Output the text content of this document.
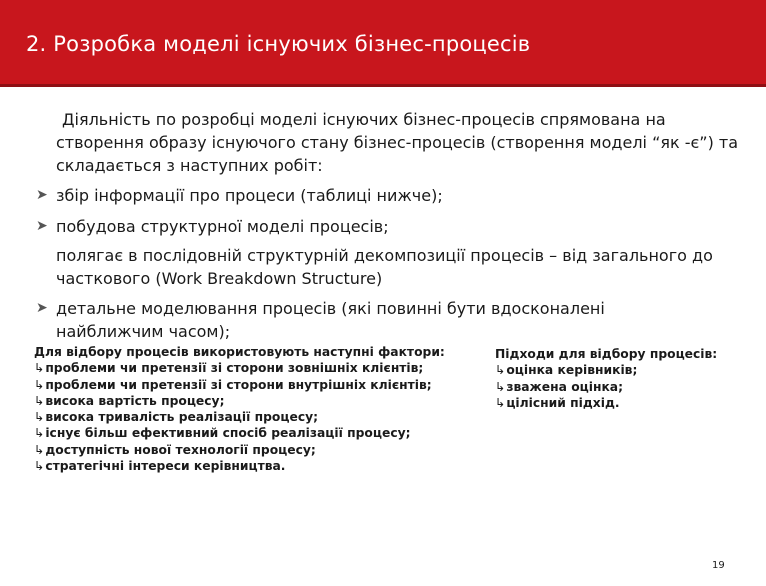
2. Розробка моделі існуючих бізнес-процесів
Діяльність по розробці моделі існуючих бізнес-процесів спрямована на створення образу існуючого стану бізнес-процесів (створення моделі “як -є”) та складається з наступних робіт:
➤ збір інформації про процеси (таблиці нижче);
➤ побудова структурної моделі процесів;
полягає в послідовній структурній декомпозиції процесів – від загального до часткового (Work Breakdown Structure)
➤ детальне моделювання процесів (які повинні бути вдосконалені найближчим часом);
Для відбору процесів використовують наступні фактори:
↳ проблеми чи претензії зі сторони зовнішніх клієнтів;
↳ проблеми чи претензії зі сторони внутрішніх клієнтів;
↳ висока вартість процесу;
↳ висока тривалість реалізації процесу;
↳ існує більш ефективний спосіб реалізації процесу;
↳ доступність нової технології процесу;
↳ стратегічні інтереси керівництва.
Підходи для відбору процесів:
↳ оцінка керівників;
↳ зважена оцінка;
↳ цілісний підхід.
19
